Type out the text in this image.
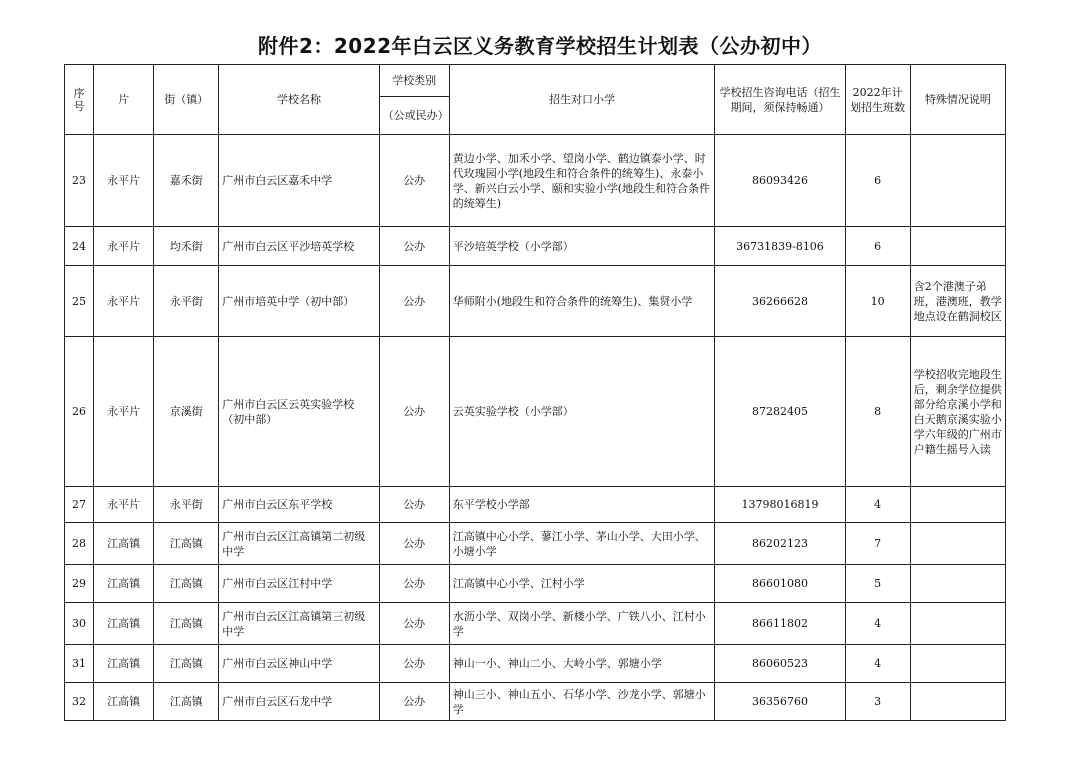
附件2：2022年白云区义务教育学校招生计划表（公办初中）
序号	片	街（镇）	学校名称	学校类别	招生对口小学	学校招生咨询电话（招生期间，须保持畅通）	2022年计划招生班数	特殊情况说明
				（公或民办）				
23	永平片	嘉禾街	广州市白云区嘉禾中学	公办	黄边小学、加禾小学、望岗小学、鹤边镇泰小学、时代玫瑰园小学(地段生和符合条件的统筹生)、永泰小学、新兴白云小学、颐和实验小学(地段生和符合条件的统筹生)	86093426	6	
24	永平片	均禾街	广州市白云区平沙培英学校	公办	平沙培英学校（小学部）	36731839-8106	6	
25	永平片	永平街	广州市培英中学（初中部）	公办	华师附小(地段生和符合条件的统筹生)、集贤小学	36266628	10	含2个港澳子弟班，港澳班，教学地点设在鹤洞校区
26	永平片	京溪街	广州市白云区云英实验学校（初中部）	公办	云英实验学校（小学部）	87282405	8	学校招收完地段生后，剩余学位提供部分给京溪小学和白天鹅京溪实验小学六年级的广州市户籍生摇号入读
27	永平片	永平街	广州市白云区东平学校	公办	东平学校小学部	13798016819	4	
28	江高镇	江高镇	广州市白云区江高镇第二初级中学	公办	江高镇中心小学、蓼江小学、茅山小学、大田小学、小塘小学	86202123	7	
29	江高镇	江高镇	广州市白云区江村中学	公办	江高镇中心小学、江村小学	86601080	5	
30	江高镇	江高镇	广州市白云区江高镇第三初级中学	公办	水沥小学、双岗小学、新楼小学、广铁八小、江村小学	86611802	4	
31	江高镇	江高镇	广州市白云区神山中学	公办	神山一小、神山二小、大岭小学、郭塘小学	86060523	4	
32	江高镇	江高镇	广州市白云区石龙中学	公办	神山三小、神山五小、石华小学、沙龙小学、郭塘小学	36356760	3	
